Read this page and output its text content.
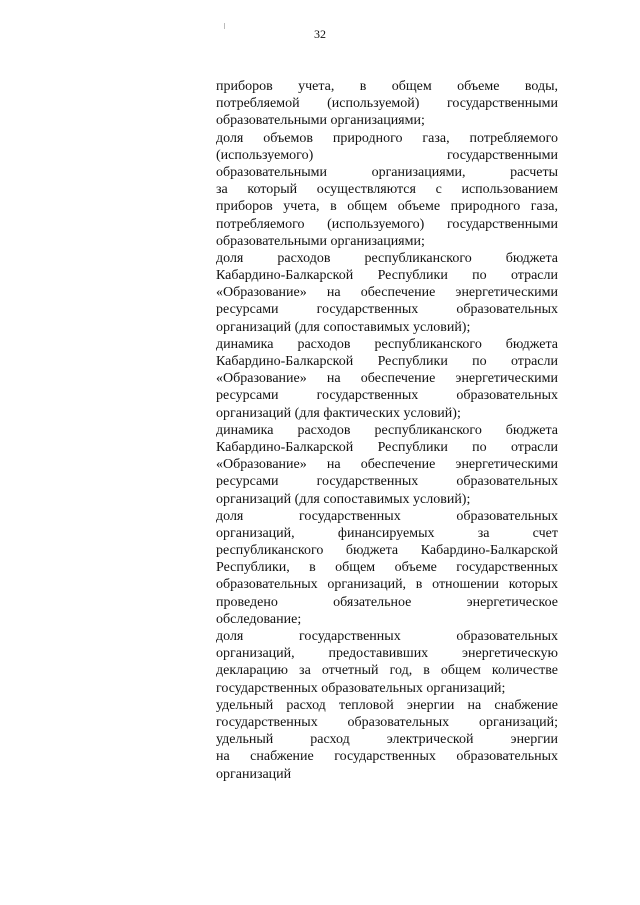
32
приборов учета, в общем объеме воды,
потребляемой (используемой) государственными
образовательными организациями;
доля объемов природного газа, потребляемого
(используемого) государственными
образовательными организациями, расчеты
за который осуществляются с использованием
приборов учета, в общем объеме природного газа,
потребляемого (используемого) государственными
образовательными организациями;
доля расходов республиканского бюджета
Кабардино-Балкарской Республики по отрасли
«Образование» на обеспечение энергетическими
ресурсами государственных образовательных
организаций (для сопоставимых условий);
динамика расходов республиканского бюджета
Кабардино-Балкарской Республики по отрасли
«Образование» на обеспечение энергетическими
ресурсами государственных образовательных
организаций (для фактических условий);
динамика расходов республиканского бюджета
Кабардино-Балкарской Республики по отрасли
«Образование» на обеспечение энергетическими
ресурсами государственных образовательных
организаций (для сопоставимых условий);
доля государственных образовательных
организаций, финансируемых за счет
республиканского бюджета Кабардино-Балкарской
Республики, в общем объеме государственных
образовательных организаций, в отношении которых
проведено обязательное энергетическое
обследование;
доля государственных образовательных
организаций, предоставивших энергетическую
декларацию за отчетный год, в общем количестве
государственных образовательных организаций;
удельный расход тепловой энергии на снабжение
государственных образовательных организаций;
удельный расход электрической энергии
на снабжение государственных образовательных
организаций
